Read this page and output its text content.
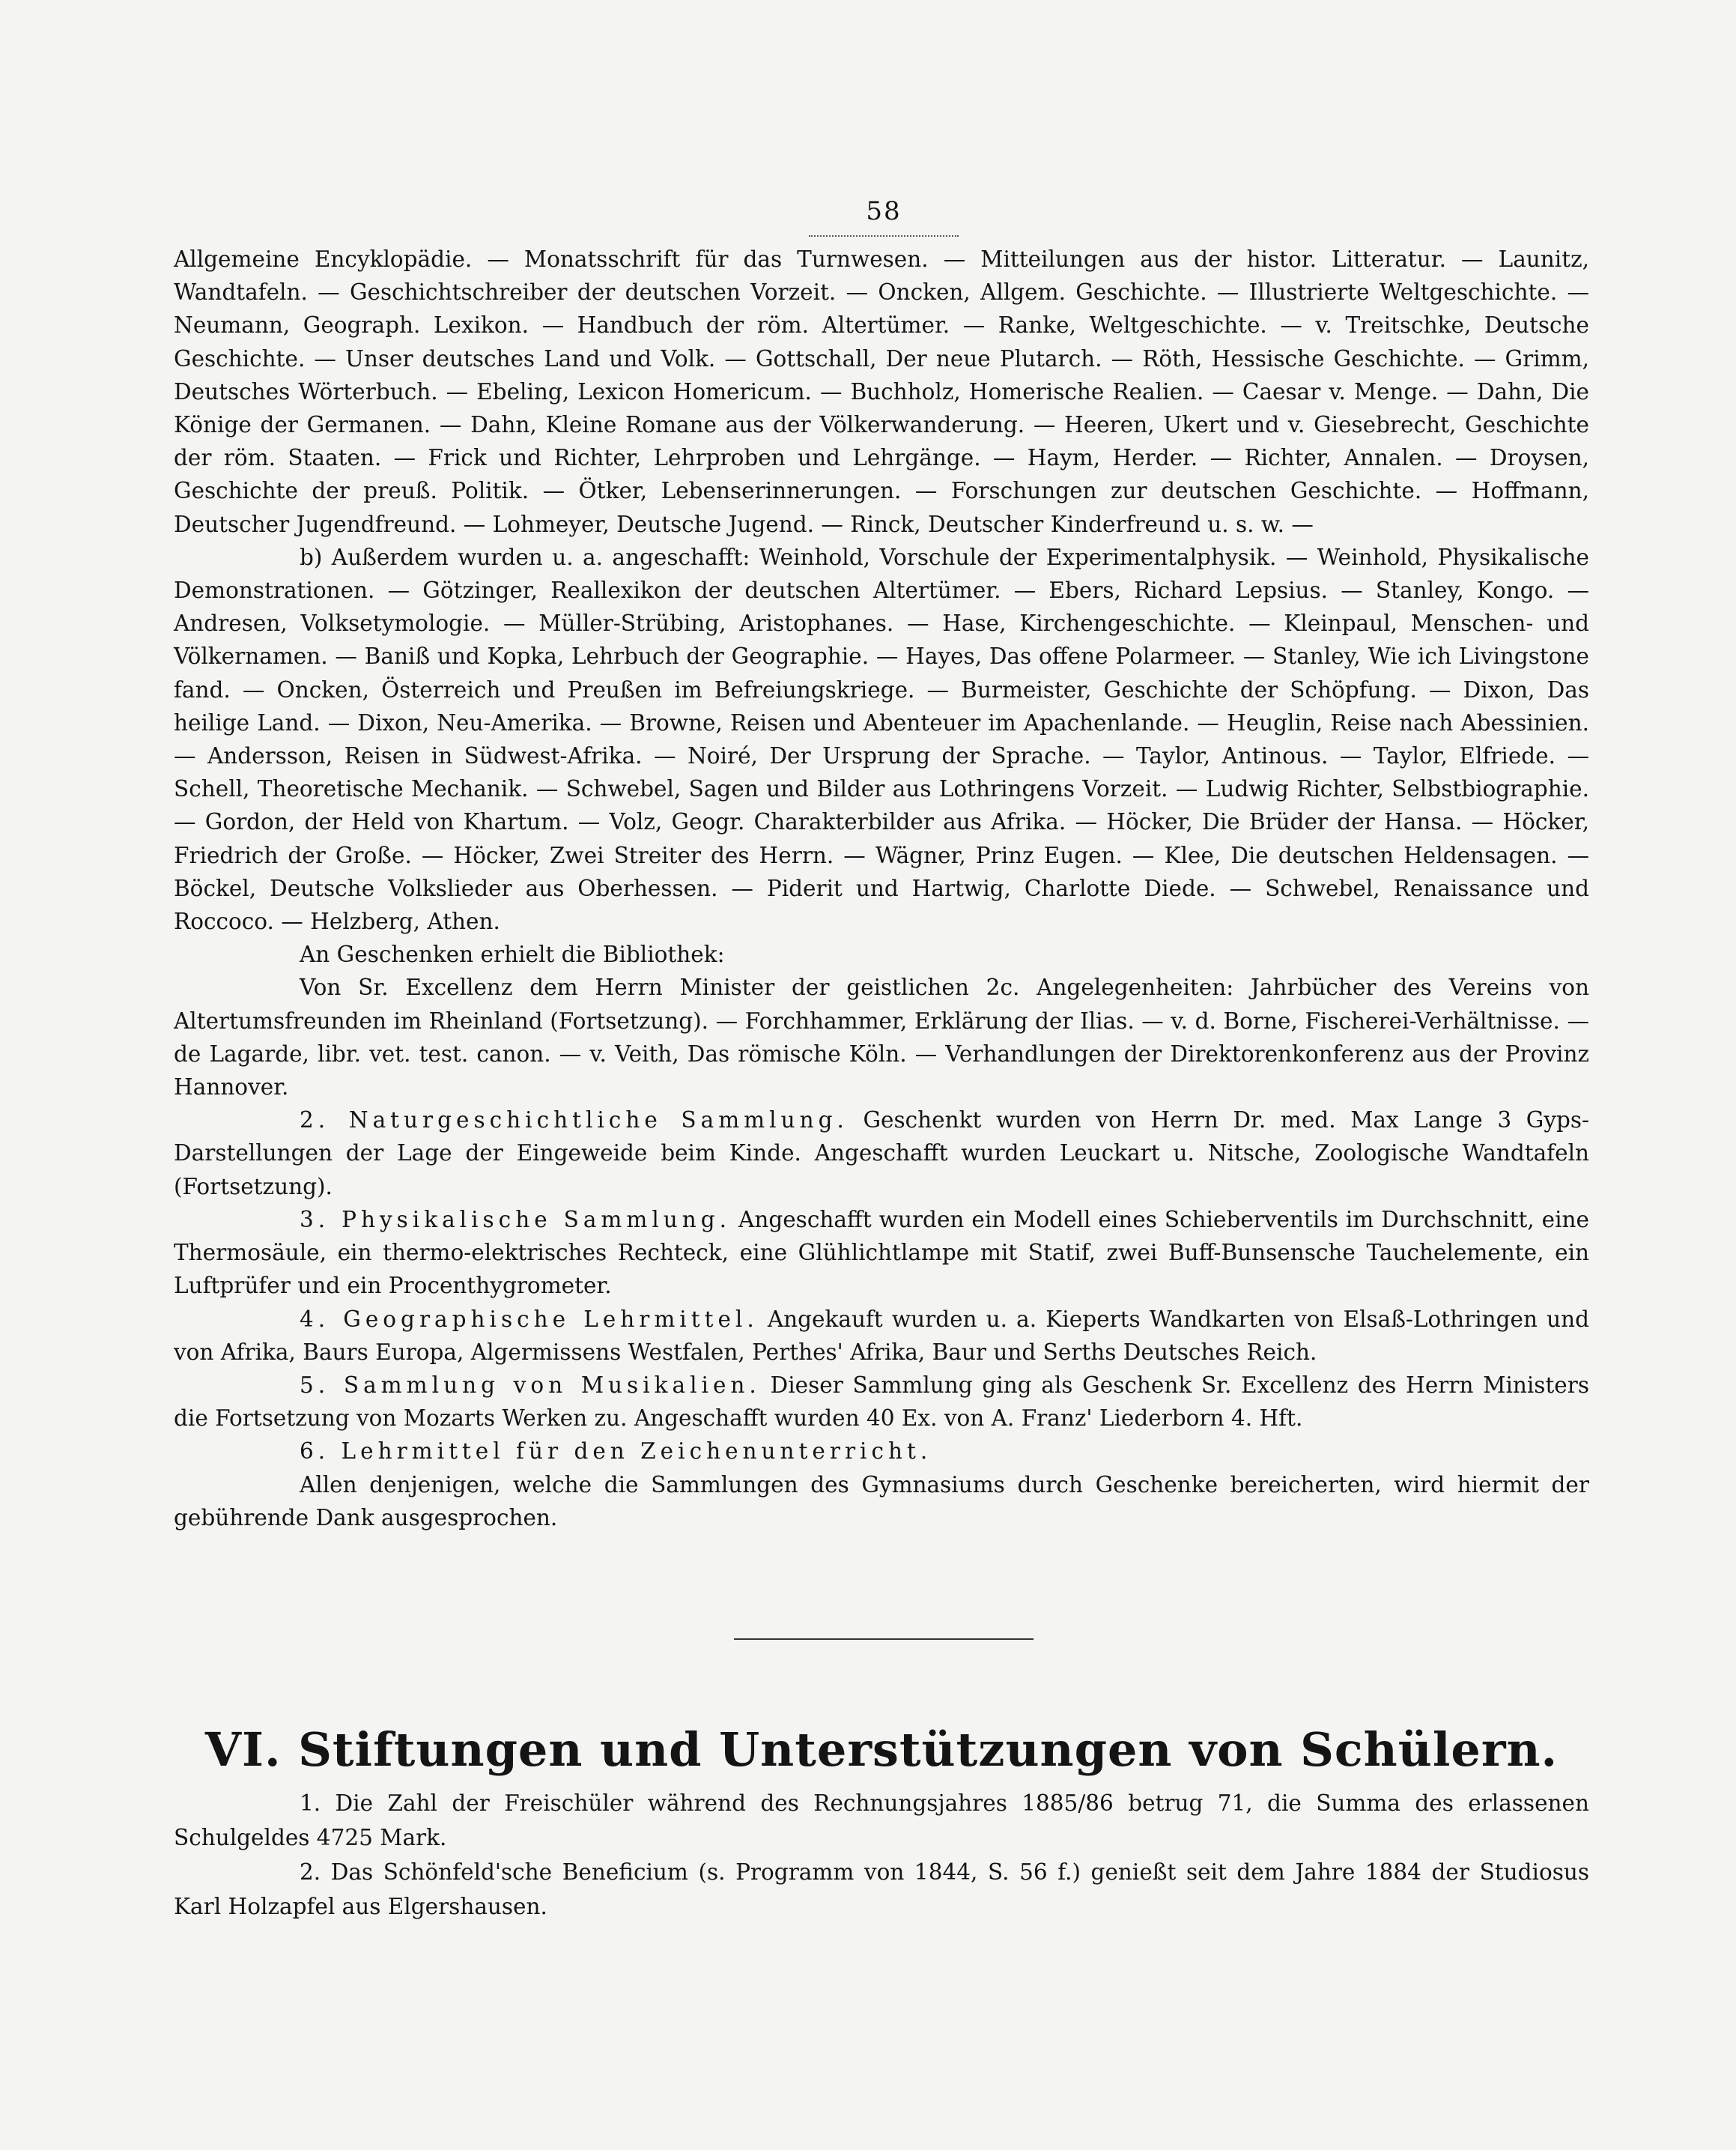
58

Allgemeine Encyklopädie. — Monatsschrift für das Turnwesen. — Mitteilungen aus der histor. Litteratur. — Launitz, Wandtafeln. — Geschichtschreiber der deutschen Vorzeit. — Oncken, Allgem. Geschichte. — Illustrierte Weltgeschichte. — Neumann, Geograph. Lexikon. — Handbuch der röm. Altertümer. — Ranke, Weltgeschichte. — v. Treitschke, Deutsche Geschichte. — Unser deutsches Land und Volk. — Gottschall, Der neue Plutarch. — Röth, Hessische Geschichte. — Grimm, Deutsches Wörterbuch. — Ebeling, Lexicon Homericum. — Buchholz, Homerische Realien. — Caesar v. Menge. — Dahn, Die Könige der Germanen. — Dahn, Kleine Romane aus der Völkerwanderung. — Heeren, Ukert und v. Giesebrecht, Geschichte der röm. Staaten. — Frick und Richter, Lehrproben und Lehrgänge. — Haym, Herder. — Richter, Annalen. — Droysen, Geschichte der preuß. Politik. — Ötker, Lebenserinnerungen. — Forschungen zur deutschen Geschichte. — Hoffmann, Deutscher Jugendfreund. — Lohmeyer, Deutsche Jugend. — Rinck, Deutscher Kinderfreund u. s. w. —

b) Außerdem wurden u. a. angeschafft: Weinhold, Vorschule der Experimentalphysik. — Weinhold, Physikalische Demonstrationen. — Götzinger, Reallexikon der deutschen Altertümer. — Ebers, Richard Lepsius. — Stanley, Kongo. — Andresen, Volksetymologie. — Müller-Strübing, Aristophanes. — Hase, Kirchengeschichte. — Kleinpaul, Menschen- und Völkernamen. — Baniß und Kopka, Lehrbuch der Geographie. — Hayes, Das offene Polarmeer. — Stanley, Wie ich Livingstone fand. — Oncken, Österreich und Preußen im Befreiungskriege. — Burmeister, Geschichte der Schöpfung. — Dixon, Das heilige Land. — Dixon, Neu-Amerika. — Browne, Reisen und Abenteuer im Apachenlande. — Heuglin, Reise nach Abessinien. — Andersson, Reisen in Südwest-Afrika. — Noiré, Der Ursprung der Sprache. — Taylor, Antinous. — Taylor, Elfriede. — Schell, Theoretische Mechanik. — Schwebel, Sagen und Bilder aus Lothringens Vorzeit. — Ludwig Richter, Selbstbiographie. — Gordon, der Held von Khartum. — Volz, Geogr. Charakterbilder aus Afrika. — Höcker, Die Brüder der Hansa. — Höcker, Friedrich der Große. — Höcker, Zwei Streiter des Herrn. — Wägner, Prinz Eugen. — Klee, Die deutschen Heldensagen. — Böckel, Deutsche Volkslieder aus Oberhessen. — Piderit und Hartwig, Charlotte Diede. — Schwebel, Renaissance und Roccoco. — Helzberg, Athen.

An Geschenken erhielt die Bibliothek:

Von Sr. Excellenz dem Herrn Minister der geistlichen 2c. Angelegenheiten: Jahrbücher des Vereins von Altertumsfreunden im Rheinland (Fortsetzung). — Forchhammer, Erklärung der Ilias. — v. d. Borne, Fischerei-Verhältnisse. — de Lagarde, libr. vet. test. canon. — v. Veith, Das römische Köln. — Verhandlungen der Direktorenkonferenz aus der Provinz Hannover.

2. Naturgeschichtliche Sammlung. Geschenkt wurden von Herrn Dr. med. Max Lange 3 Gyps-Darstellungen der Lage der Eingeweide beim Kinde. Angeschafft wurden Leuckart u. Nitsche, Zoologische Wandtafeln (Fortsetzung).

3. Physikalische Sammlung. Angeschafft wurden ein Modell eines Schieberventils im Durchschnitt, eine Thermosäule, ein thermo-elektrisches Rechteck, eine Glühlichtlampe mit Statif, zwei Buff-Bunsensche Tauchelemente, ein Luftprüfer und ein Procenthygrometer.

4. Geographische Lehrmittel. Angekauft wurden u. a. Kieperts Wandkarten von Elsaß-Lothringen und von Afrika, Baurs Europa, Algermissens Westfalen, Perthes' Afrika, Baur und Serths Deutsches Reich.

5. Sammlung von Musikalien. Dieser Sammlung ging als Geschenk Sr. Excellenz des Herrn Ministers die Fortsetzung von Mozarts Werken zu. Angeschafft wurden 40 Ex. von A. Franz' Liederborn 4. Hft.

6. Lehrmittel für den Zeichenunterricht.

Allen denjenigen, welche die Sammlungen des Gymnasiums durch Geschenke bereicherten, wird hiermit der gebührende Dank ausgesprochen.

VI. Stiftungen und Unterstützungen von Schülern.

1. Die Zahl der Freischüler während des Rechnungsjahres 1885/86 betrug 71, die Summa des erlassenen Schulgeldes 4725 Mark.

2. Das Schönfeld'sche Beneficium (s. Programm von 1844, S. 56 f.) genießt seit dem Jahre 1884 der Studiosus Karl Holzapfel aus Elgershausen.
